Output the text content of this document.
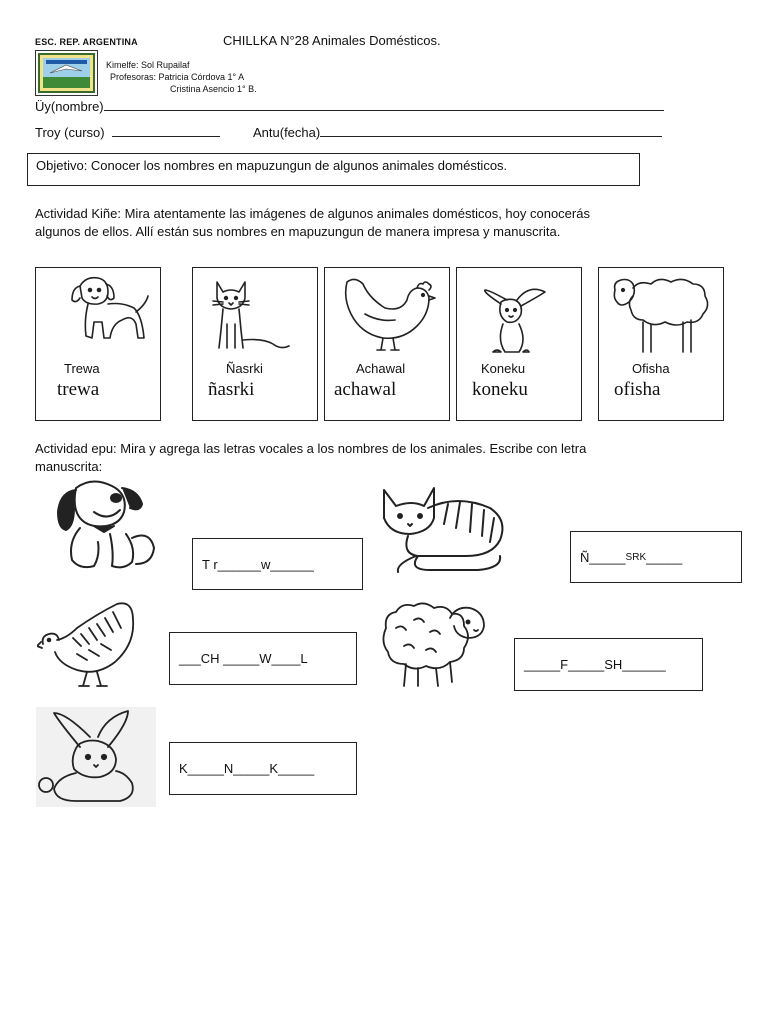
ESC. REP. ARGENTINA	CHILLKA N°28 Animales Domésticos.
Kimelfe: Sol Rupailaf
Profesoras: Patricia Córdova 1° A
Cristina Asencio 1° B.
Üy(nombre)
Troy (curso)	Antu(fecha)
Objetivo: Conocer los nombres en mapuzungun de algunos animales domésticos.
Actividad Kiñe: Mira atentamente las imágenes de algunos animales domésticos, hoy conocerás
algunos de ellos. Allí están sus nombres en mapuzungun de manera impresa y manuscrita.
Trewa
trewa
Ñasrki
ñasrki
Achawal
achawal
Koneku
koneku
Ofisha
ofisha
Actividad epu: Mira y agrega las letras vocales a los nombres de los animales. Escribe con letra
manuscrita:
T r______w______	Ñ_____ SRK _____
___CH _____W____L	_____F_____SH______
K_____N_____K_____
